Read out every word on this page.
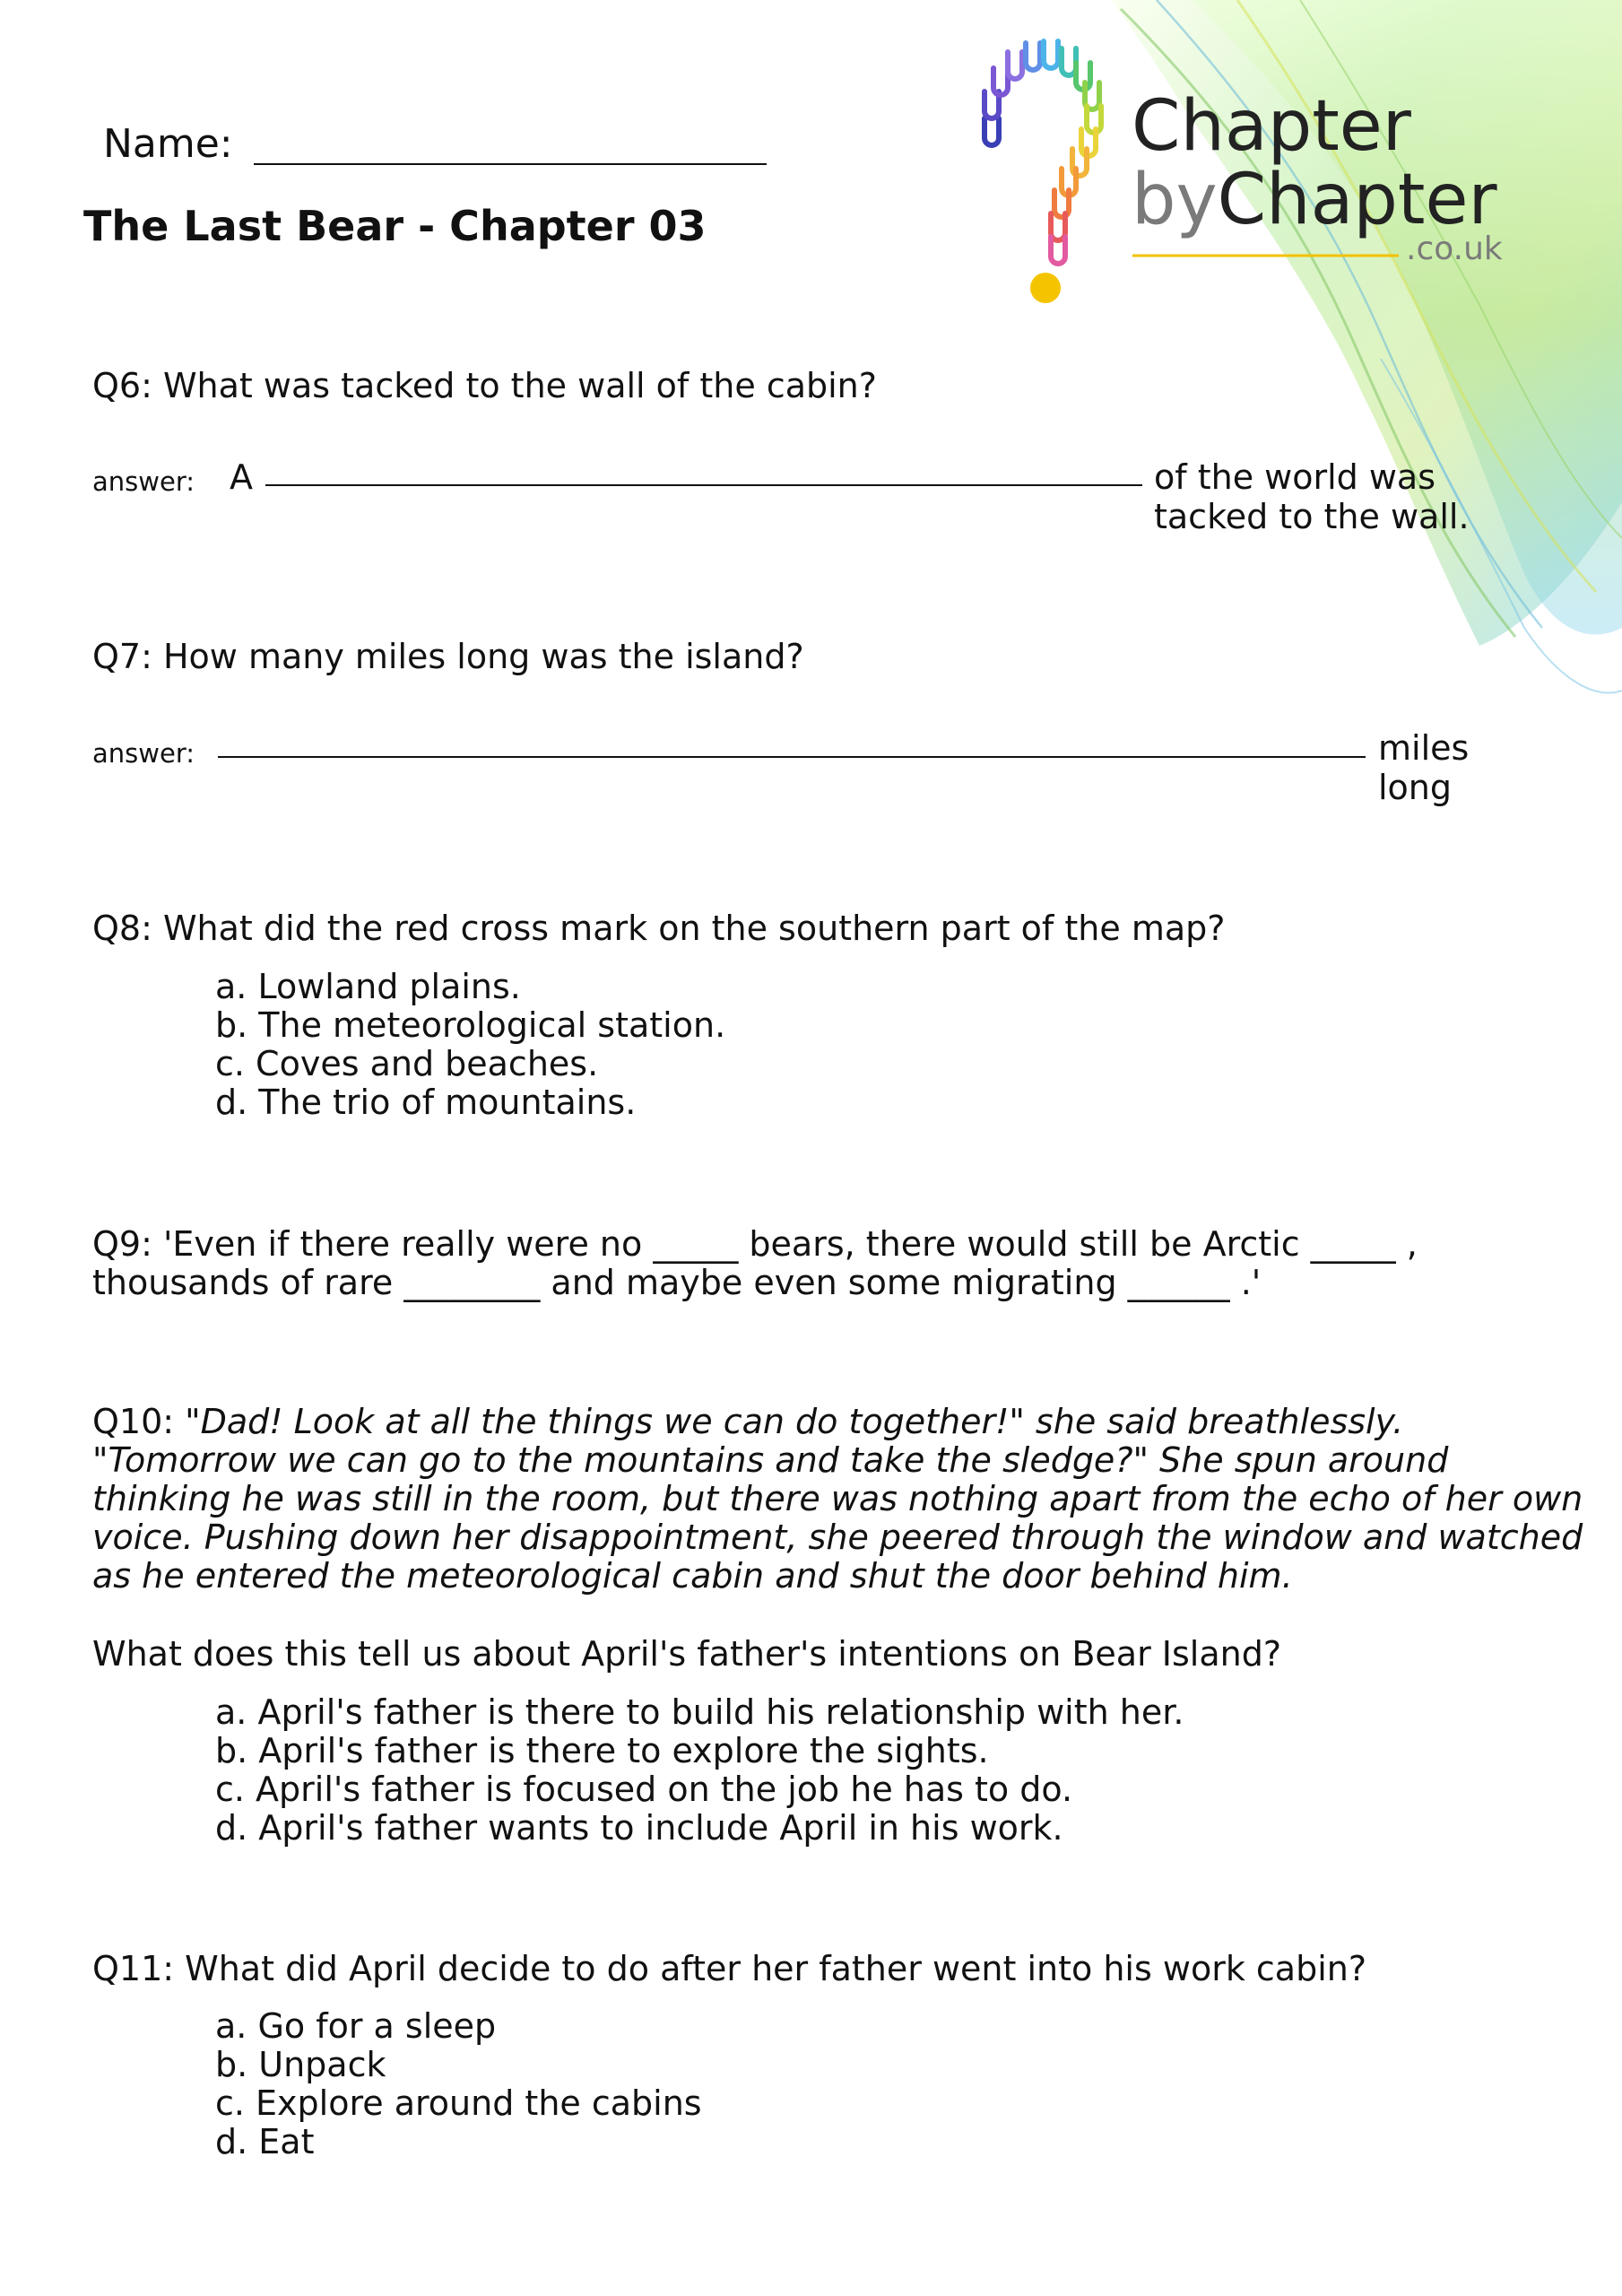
Chapter
byChapter
.co.uk
Name:
The Last Bear - Chapter 03
Q6: What was tacked to the wall of the cabin?
answer: A	of the world was
tacked to the wall.
Q7: How many miles long was the island?
answer:	miles
long
Q8: What did the red cross mark on the southern part of the map?
a. Lowland plains.
b. The meteorological station.
c. Coves and beaches.
d. The trio of mountains.
Q9: 'Even if there really were no _____ bears, there would still be Arctic _____ ,
thousands of rare ________ and maybe even some migrating ______ .'
Q10: "Dad! Look at all the things we can do together!" she said breathlessly.
"Tomorrow we can go to the mountains and take the sledge?" She spun around
thinking he was still in the room, but there was nothing apart from the echo of her own
voice. Pushing down her disappointment, she peered through the window and watched
as he entered the meteorological cabin and shut the door behind him.
What does this tell us about April's father's intentions on Bear Island?
a. April's father is there to build his relationship with her.
b. April's father is there to explore the sights.
c. April's father is focused on the job he has to do.
d. April's father wants to include April in his work.
Q11: What did April decide to do after her father went into his work cabin?
a. Go for a sleep
b. Unpack
c. Explore around the cabins
d. Eat
